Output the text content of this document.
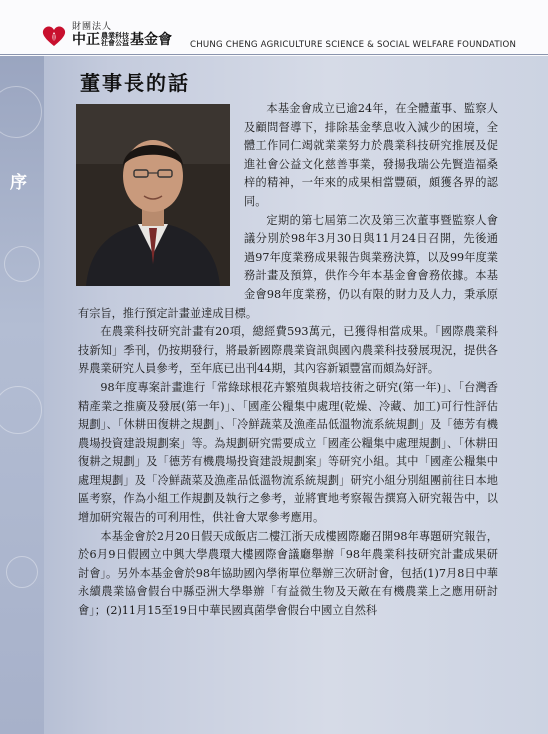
財團法人
中正農業科技
社會公益基金會 CHUNG CHENG AGRICULTURE SCIENCE & SOCIAL WELFARE FOUNDATION
序
董事長的話

本基金會成立已逾24年，在全體董事、監察人及顧問督導下，排除基金孳息收入減少的困境，全體工作同仁竭就業業努力於農業科技研究推展及促進社會公益文化慈善事業，發揚我瑞公先賢造福桑梓的精神，一年來的成果相當豐碩，頗獲各界的認同。

定期的第七屆第二次及第三次董事暨監察人會議分別於98年3月30日與11月24日召開，先後通過97年度業務成果報告與業務決算，以及99年度業務計畫及預算，供作今年本基金會會務依據。本基金會98年度業務，仍以有限的財力及人力，秉承原有宗旨，推行預定計畫並達成目標。

在農業科技研究計畫有20項，總經費593萬元，已獲得相當成果。「國際農業科技新知」季刊，仍按期發行，將最新國際農業資訊與國內農業科技發展現況，提供各界農業研究人員參考，至年底已出刊44期，其內容新穎豐富而頗為好評。

98年度專案計畫進行「常綠球根花卉繁殖與栽培技術之研究(第一年)」、「台灣香精產業之推廣及發展(第一年)」、「國產公糧集中處理(乾燥、冷藏、加工)可行性評估規劃」、「休耕田復耕之規劃」、「冷鮮蔬菜及漁產品低溫物流系統規劃」及「德芳有機農場投資建設規劃案」等。為規劃研究需要成立「國產公糧集中處理規劃」、「休耕田復耕之規劃」及「德芳有機農場投資建設規劃案」等研究小組。其中「國產公糧集中處理規劃」及「冷鮮蔬菜及漁產品低溫物流系統規劃」研究小組分別組團前往日本地區考察，作為小組工作規劃及執行之參考，並將實地考察報告撰寫入研究報告中，以增加研究報告的可利用性，供社會大眾參考應用。

本基金會於2月20日假天成飯店二樓江浙天成樓國際廳召開98年專題研究報告，於6月9日假國立中興大學農環大樓國際會議廳舉辦「98年農業科技研究計畫成果研討會」。另外本基金會於98年協助國內學術單位舉辦三次研討會，包括(1)7月8日中華永續農業協會假台中縣亞洲大學舉辦「有益微生物及天敵在有機農業上之應用研討會」；(2)11月15至19日中華民國真菌學會假台中國立自然科
